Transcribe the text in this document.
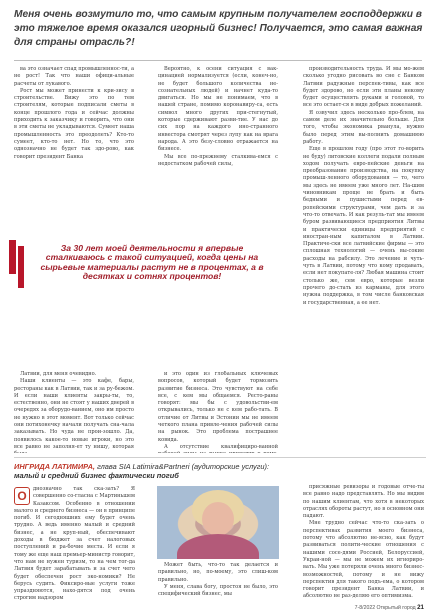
Меня очень возмутило то, что самым крупным получателем господдержки в это тяжелое время оказался игорный бизнес! Получается, это самая важная для страны отрасль?!

ва это означает спад промышленнос-ти, а не рост! Так что наши офици-альные расчеты от лукавого.

Рост мы может принести к кри-зису в строительстве. Вижу это по тем строителям, которые подписали сметы в конце прошлого года и сейчас должны приходить к заказчику и говорить, что они в эти сметы не укладываются. Сумеет наша промышленность это преодолеть? Кто-то сумеет, кто-то нет. Но то, что это однозначно не будет так здо-рово, как говорит президент Банка

Вероятно, к осени ситуация с вак-цинацией нормализуется (если, конеч-но, не будет большого количества не-сознательных людей) и начнет куда-то двигаться. Но мы не понимаем, что в нашей стране, помимо коронавиру-са, есть символ много других при-стегнутый, которые сдерживают разви-тие. У нас до сих пор на каждого ино-странного инвестора смотрят через лупу как на врага народа. А это безу-словно отражается на бизнесе.

Мы все по-прежнему сталкива-емся с недостатком рабочей силы,

производительность труда. И мы мо-жем сколько угодно рисовать во сне с Банком Латвии радужные перспек-тивы, как все будет здорово, но если эти планы некому будет осуществлять руками и головой, то все это остает-ся в виде добрых пожеланий.

Я озвучил здесь несколько про-блем, на самом деле их значительно больше. Для того, чтобы экономика рванула, нужно было перед этим вы-полнить домашнюю работу.

Еще в прошлом году (про этот го-ворить не буду) литовские коллеги подали полным ходом получать евро-пейские деньги на преобразование производства, на покупку промыш-ленного оборудования — то, чего мы здесь не имеем уже много лет. На-шим чиновникам проще не брать и быть бедными и пушистыми перед ев-ропейскими структурами, чем дать и за что-то отвечать. И как резуль-тат мы имеем буром развивающиеся предприятия Литвы и практически единицы предприятий с иностран-ным капиталом в Латвии. Практиче-ски все латвийские фирмы — это сплошная технологий — очень вы-сокие расходы на рабсилу. Это лечение и чуть-чуть в Латвии, потому что кому продавать, если нет покупате-ля? Любая машина стоит столько же, сем евро, которые везли прочего до-стать из карманы, для этого нужна поддержка, в том числе банковская и государственная, а ее нет.

За 30 лет моей деятельности я впервые сталкиваюсь с такой ситуацией, когда цены на сырьевые материалы растут не в процентах, а в десятках и сотнях процентов!

Латвии, для меня очевидно.

Наши клиенты — это кафе, бары, рестораны как в Латвии, так и за ру-бежом. И если наши клиенты закры-ты, то, естественно, они не стоят у наших дверей в очередях за оборудо-ванием, оно им просто не нужно в этот момент. Вот только сейчас они потихонечку начали получать сна-чала заказывать. Но чуда не прои-зошло. Да, появилось какое-то новые игроки, но это все равно не заполня-ет ту нишу, которая

и это один из глобальных ключевых вопросов, который будет тормозить развитие бизнеса. Это чувствуют на себе все, с кем мы общаемся. Ресто-раны говорят: мы бы с удовольстви-ем открывались, только не с кем рабо-тать. В отличие от Литвы и Эстонии мы не имеем четкого плана привле-чения рабочей силы на рынок. Это проблема пострашнее ковида.

А отсутствие квалифициро-ванной

ИНГРИДА ЛАТИМИРА, глава SIA Latimira&Partneri (аудиторские услуги):
малый и средний бизнес фактически погиб
О	днозначно так ска-зать? Я совершенно со-гласна с Мартиньшем Казаксом. Особенно в отношении малого и среднего бизнеса — он в принципе погиб. И сегодняшних ему будет очень трудно. А ведь именно малый и средний бизнес, а не круп-ный, обеспечивают доходы в бюджет за счет налоговых поступлений и ра-бочие места. И если я тому же еще наш премьер-министр говорит, что нам не нужен туризм, то на чем тог-да Латвия будет зарабатывать и за счет чего будет обеспечен рост эко-номики? Не берусь судить. Фиксиро-вые услуги тоже упраздняются, нахо-дятся под очень строгим надзором

Может быть, что-то так делается и правильно, но, по-моему, это слиш-ком правильно.

У меня, слава богу, простоя не было, это специфический бизнес, мы

присяжные ревизоры и годовые отче-ты все равно надо представлять. Но мы видим по нашим клиентам, что хотя в некоторых отраслях обороты растут, но в основном они падают.

Мне трудно сейчас что-то ска-зать о перспективах развития моего бизнеса, потому что абсолютно не-ясно, как будут развиваться полити-ческие отношения с нашими сосе-дями Россией, Белоруссией, Украи-ной — мы не можем их игнориро-вать. Мы уже потеряли очень много бизнес-возможностей, потому и не вижу перспектив для такого подъ-ема, о котором говорит президент Банка Латвии, и абсолютно не раз-деляю его оптимизма.

7-8/2022 Открытый город 21
